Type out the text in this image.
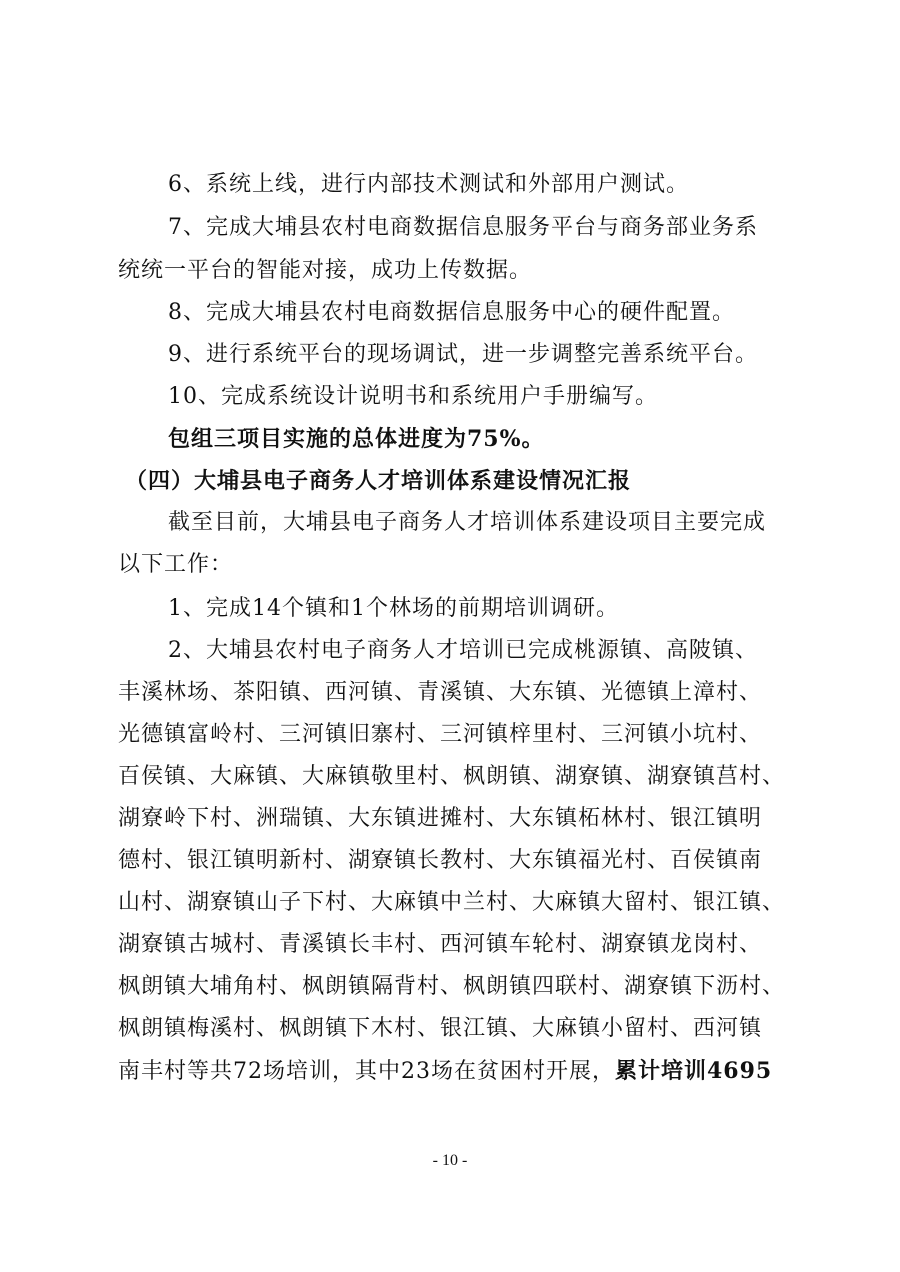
6、系统上线，进行内部技术测试和外部用户测试。
7、完成大埔县农村电商数据信息服务平台与商务部业务系
统统一平台的智能对接，成功上传数据。
8、完成大埔县农村电商数据信息服务中心的硬件配置。
9、进行系统平台的现场调试，进一步调整完善系统平台。
10、完成系统设计说明书和系统用户手册编写。
包组三项目实施的总体进度为75%。
（四）大埔县电子商务人才培训体系建设情况汇报
截至目前，大埔县电子商务人才培训体系建设项目主要完成
以下工作：
1、完成14个镇和1个林场的前期培训调研。
2、大埔县农村电子商务人才培训已完成桃源镇、高陂镇、
丰溪林场、茶阳镇、西河镇、青溪镇、大东镇、光德镇上漳村、
光德镇富岭村、三河镇旧寨村、三河镇梓里村、三河镇小坑村、
百侯镇、大麻镇、大麻镇敬里村、枫朗镇、湖寮镇、湖寮镇莒村、
湖寮岭下村、洲瑞镇、大东镇进摊村、大东镇柘林村、银江镇明
德村、银江镇明新村、湖寮镇长教村、大东镇福光村、百侯镇南
山村、湖寮镇山子下村、大麻镇中兰村、大麻镇大留村、银江镇、
湖寮镇古城村、青溪镇长丰村、西河镇车轮村、湖寮镇龙岗村、
枫朗镇大埔角村、枫朗镇隔背村、枫朗镇四联村、湖寮镇下沥村、
枫朗镇梅溪村、枫朗镇下木村、银江镇、大麻镇小留村、西河镇
南丰村等共72场培训，其中23场在贫困村开展，累计培训4695
- 10 -
